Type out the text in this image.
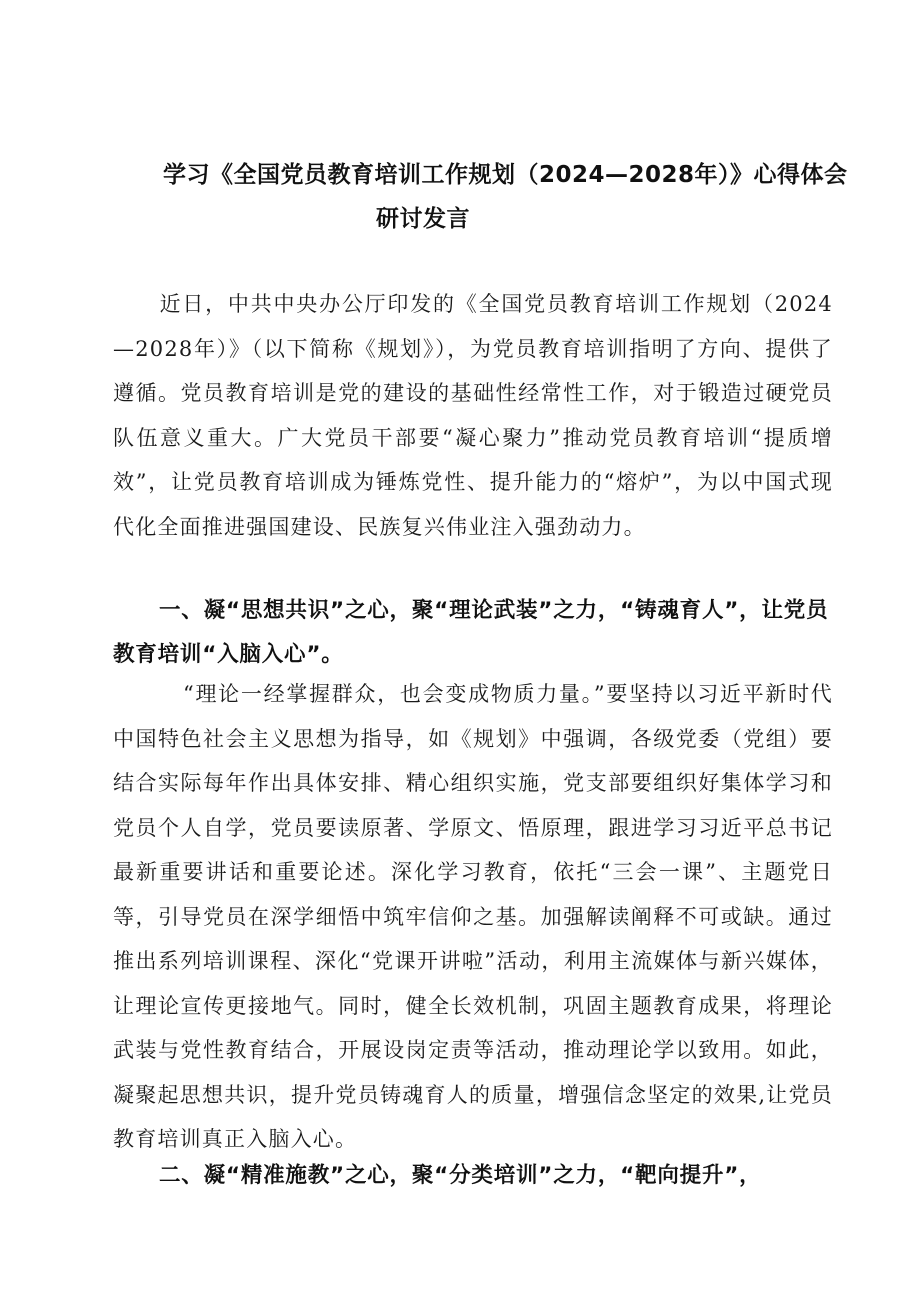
学习《全国党员教育培训工作规划（2024—2028年）》心得体会
研讨发言
近日，中共中央办公厅印发的《全国党员教育培训工作规划（2024—2028年）》（以下简称《规划》），为党员教育培训指明了方向、提供了遵循。党员教育培训是党的建设的基础性经常性工作，对于锻造过硬党员队伍意义重大。广大党员干部要“凝心聚力”推动党员教育培训“提质增效”，让党员教育培训成为锤炼党性、提升能力的“熔炉”，为以中国式现代化全面推进强国建设、民族复兴伟业注入强劲动力。
一、凝“思想共识”之心，聚“理论武装”之力，“铸魂育人”，让党员教育培训“入脑入心”。
“理论一经掌握群众，也会变成物质力量。”要坚持以习近平新时代中国特色社会主义思想为指导，如《规划》中强调，各级党委（党组）要结合实际每年作出具体安排、精心组织实施，党支部要组织好集体学习和党员个人自学，党员要读原著、学原文、悟原理，跟进学习习近平总书记最新重要讲话和重要论述。深化学习教育，依托“三会一课”、主题党日等，引导党员在深学细悟中筑牢信仰之基。加强解读阐释不可或缺。通过推出系列培训课程、深化“党课开讲啦”活动，利用主流媒体与新兴媒体，让理论宣传更接地气。同时，健全长效机制，巩固主题教育成果，将理论武装与党性教育结合，开展设岗定责等活动，推动理论学以致用。如此，凝聚起思想共识，提升党员铸魂育人的质量，增强信念坚定的效果,让党员教育培训真正入脑入心。
二、凝“精准施教”之心，聚“分类培训”之力，“靶向提升”，
